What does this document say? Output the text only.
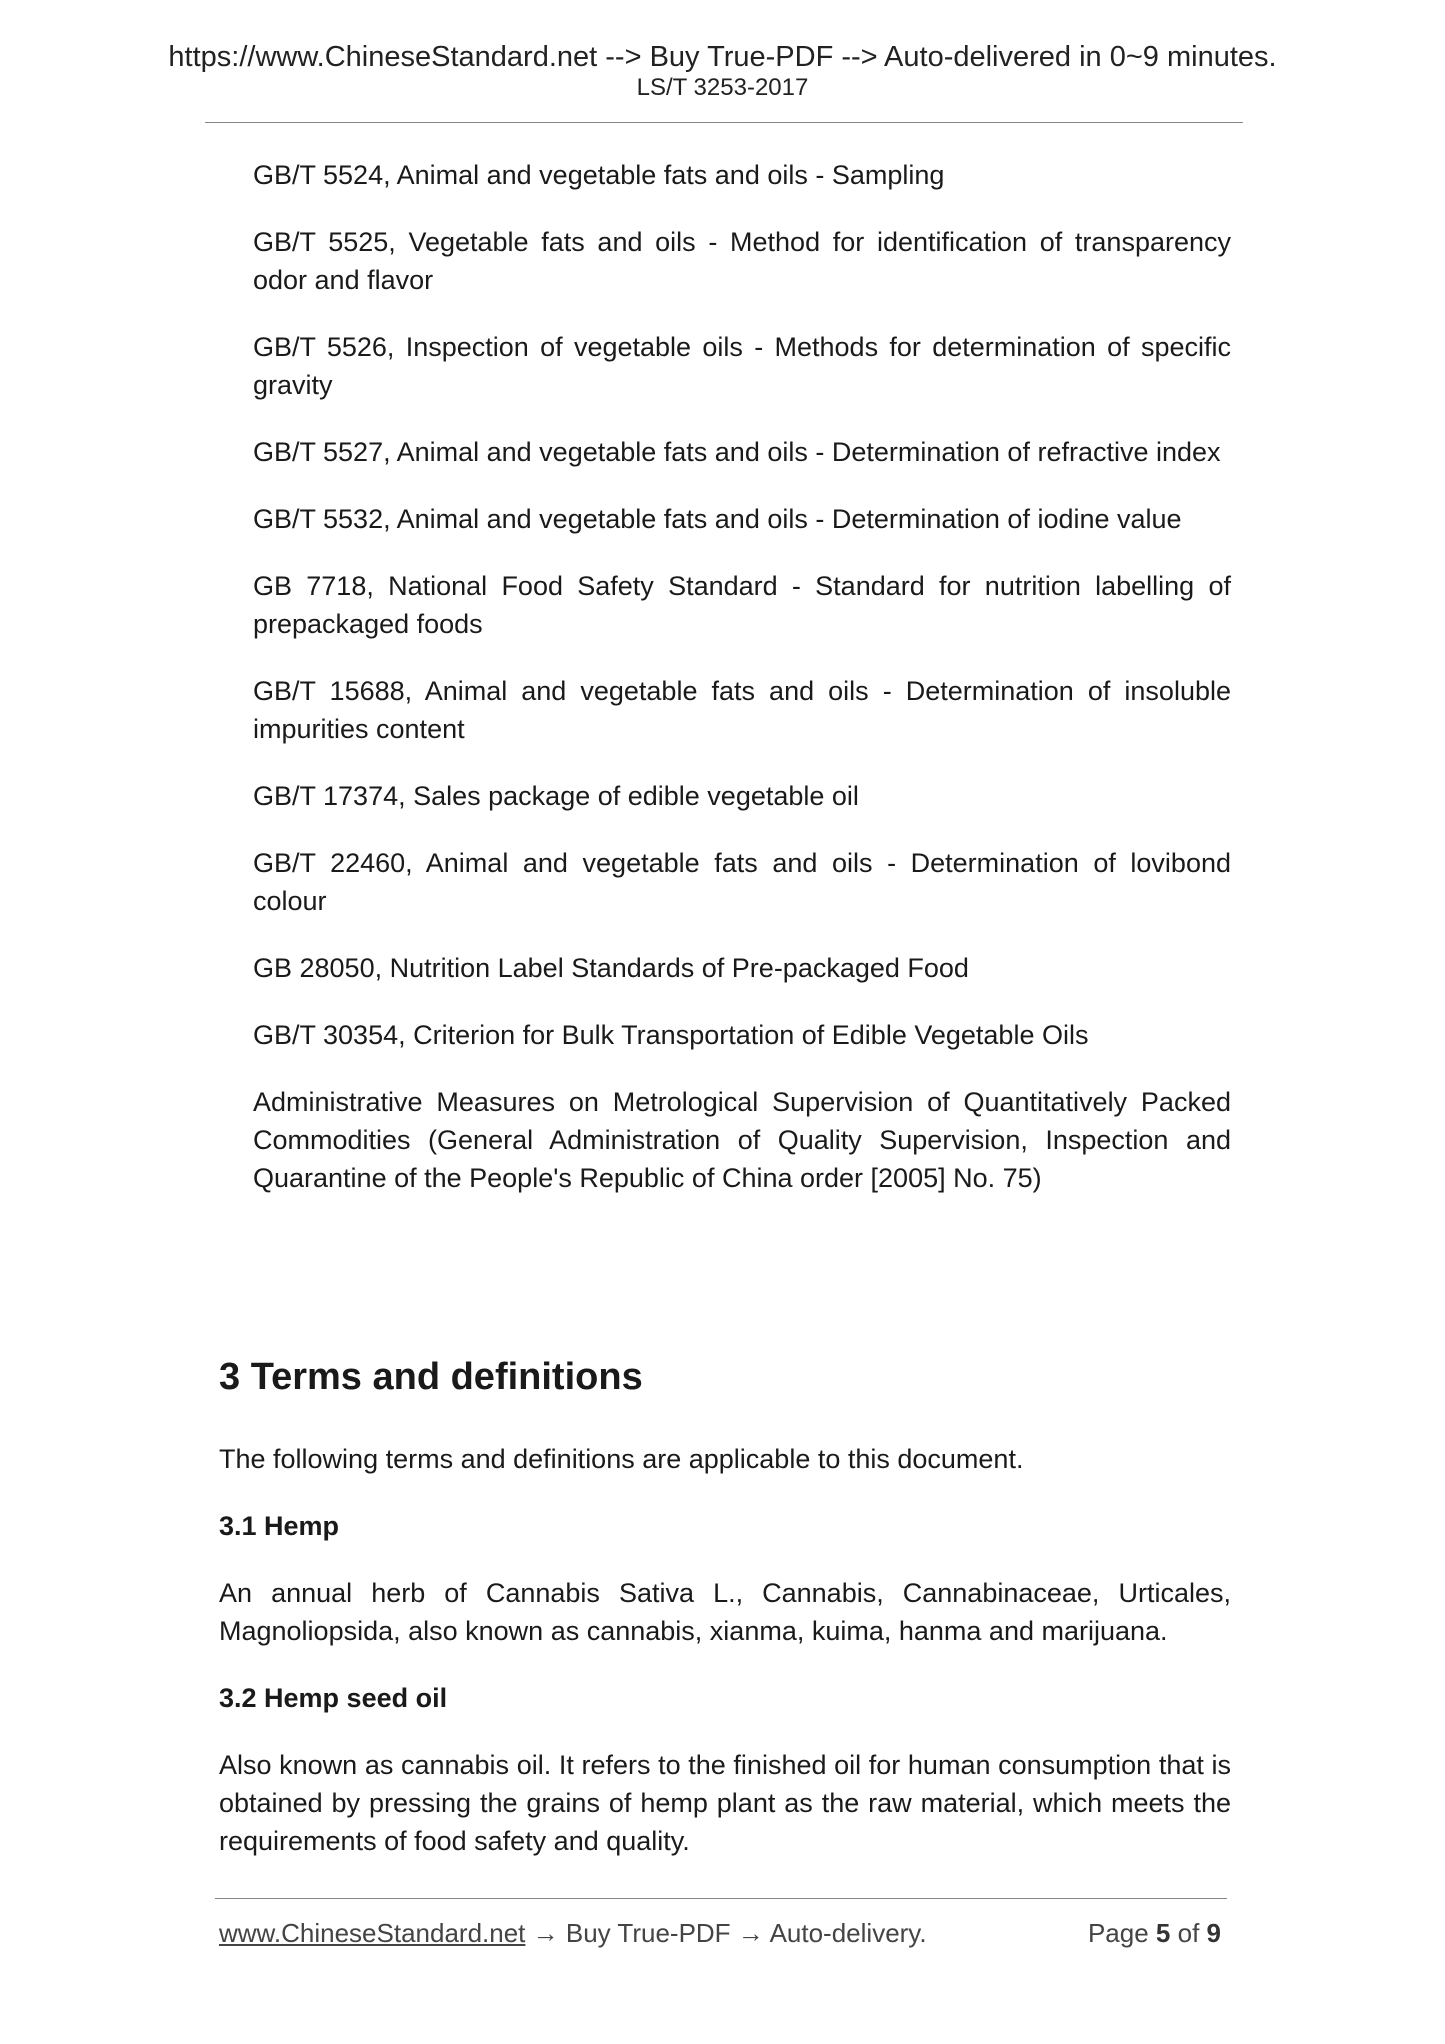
https://www.ChineseStandard.net --> Buy True-PDF --> Auto-delivered in 0~9 minutes.
LS/T 3253-2017

GB/T 5524, Animal and vegetable fats and oils - Sampling

GB/T 5525, Vegetable fats and oils - Method for identification of transparency odor and flavor

GB/T 5526, Inspection of vegetable oils - Methods for determination of specific gravity

GB/T 5527, Animal and vegetable fats and oils - Determination of refractive index

GB/T 5532, Animal and vegetable fats and oils - Determination of iodine value

GB 7718, National Food Safety Standard - Standard for nutrition labelling of prepackaged foods

GB/T 15688, Animal and vegetable fats and oils - Determination of insoluble impurities content

GB/T 17374, Sales package of edible vegetable oil

GB/T 22460, Animal and vegetable fats and oils - Determination of lovibond colour

GB 28050, Nutrition Label Standards of Pre-packaged Food

GB/T 30354, Criterion for Bulk Transportation of Edible Vegetable Oils

Administrative Measures on Metrological Supervision of Quantitatively Packed Commodities (General Administration of Quality Supervision, Inspection and Quarantine of the People's Republic of China order [2005] No. 75)

3 Terms and definitions

The following terms and definitions are applicable to this document.

3.1 Hemp

An annual herb of Cannabis Sativa L., Cannabis, Cannabinaceae, Urticales, Magnoliopsida, also known as cannabis, xianma, kuima, hanma and marijuana.

3.2 Hemp seed oil

Also known as cannabis oil. It refers to the finished oil for human consumption that is obtained by pressing the grains of hemp plant as the raw material, which meets the requirements of food safety and quality.

www.ChineseStandard.net → Buy True-PDF → Auto-delivery.	Page 5 of 9
